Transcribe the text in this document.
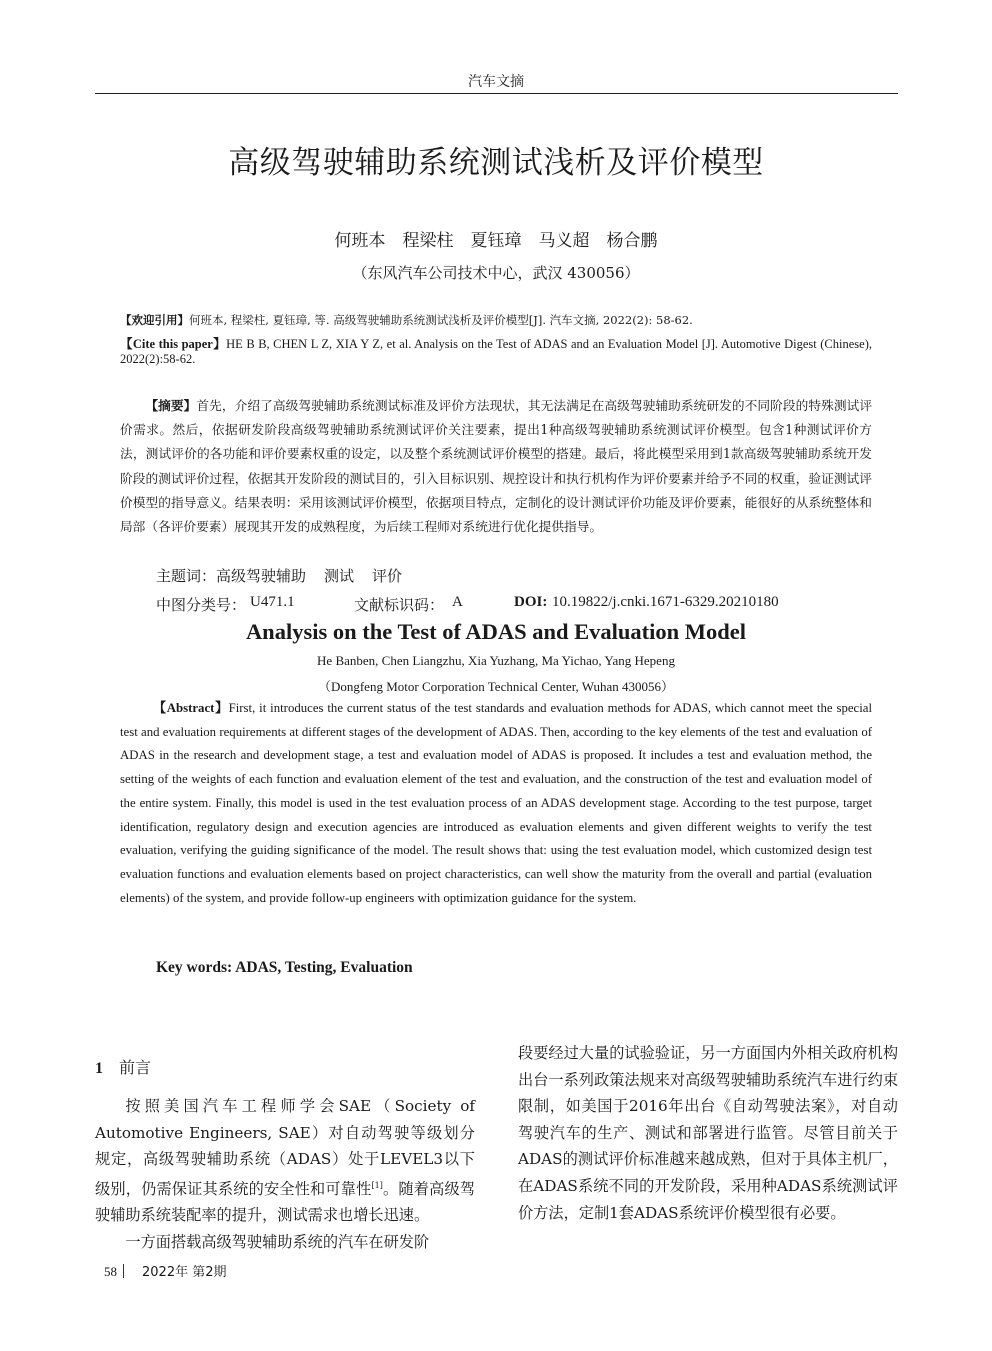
汽车文摘
高级驾驶辅助系统测试浅析及评价模型
何班本　程梁柱　夏钰璋　马义超　杨合鹏
（东风汽车公司技术中心，武汉 430056）
【欢迎引用】何班本, 程梁柱, 夏钰璋, 等. 高级驾驶辅助系统测试浅析及评价模型[J]. 汽车文摘, 2022(2): 58-62.
【Cite this paper】HE B B, CHEN L Z, XIA Y Z, et al. Analysis on the Test of ADAS and an Evaluation Model [J]. Automotive Digest (Chinese), 2022(2):58-62.
【摘要】首先，介绍了高级驾驶辅助系统测试标准及评价方法现状，其无法满足在高级驾驶辅助系统研发的不同阶段的特殊测试评价需求。然后，依据研发阶段高级驾驶辅助系统测试评价关注要素，提出1种高级驾驶辅助系统测试评价模型。包含1种测试评价方法，测试评价的各功能和评价要素权重的设定，以及整个系统测试评价模型的搭建。最后，将此模型采用到1款高级驾驶辅助系统开发阶段的测试评价过程，依据其开发阶段的测试目的，引入目标识别、规控设计和执行机构作为评价要素并给予不同的权重，验证测试评价模型的指导意义。结果表明：采用该测试评价模型，依据项目特点，定制化的设计测试评价功能及评价要素，能很好的从系统整体和局部（各评价要素）展现其开发的成熟程度，为后续工程师对系统进行优化提供指导。
主题词：高级驾驶辅助 测试 评价
中图分类号： U471.1	文献标识码： A	DOI: 10.19822/j.cnki.1671-6329.20210180
Analysis on the Test of ADAS and Evaluation Model
He Banben, Chen Liangzhu, Xia Yuzhang, Ma Yichao, Yang Hepeng
（Dongfeng Motor Corporation Technical Center, Wuhan 430056）
【Abstract】First, it introduces the current status of the test standards and evaluation methods for ADAS, which cannot meet the special test and evaluation requirements at different stages of the development of ADAS. Then, according to the key elements of the test and evaluation of ADAS in the research and development stage, a test and evaluation model of ADAS is proposed. It includes a test and evaluation method, the setting of the weights of each function and evaluation element of the test and evaluation, and the construction of the test and evaluation model of the entire system. Finally, this model is used in the test evaluation process of an ADAS development stage. According to the test purpose, target identification, regulatory design and execution agencies are introduced as evaluation elements and given different weights to verify the test evaluation, verifying the guiding significance of the model. The result shows that: using the test evaluation model, which customized design test evaluation functions and evaluation elements based on project characteristics, can well show the maturity from the overall and partial (evaluation elements) of the system, and provide follow-up engineers with optimization guidance for the system.
Key words: ADAS, Testing, Evaluation
1 前言

按照美国汽车工程师学会SAE（Society of Automotive Engineers, SAE）对自动驾驶等级划分规定，高级驾驶辅助系统（ADAS）处于LEVEL3以下级别，仍需保证其系统的安全性和可靠性[1]。随着高级驾驶辅助系统装配率的提升，测试需求也增长迅速。

一方面搭载高级驾驶辅助系统的汽车在研发阶

段要经过大量的试验验证，另一方面国内外相关政府机构出台一系列政策法规来对高级驾驶辅助系统汽车进行约束限制，如美国于2016年出台《自动驾驶法案》，对自动驾驶汽车的生产、测试和部署进行监管。尽管目前关于ADAS的测试评价标准越来越成熟，但对于具体主机厂，在ADAS系统不同的开发阶段，采用种ADAS系统测试评价方法，定制1套ADAS系统评价模型很有必要。

58 2022年 第2期
